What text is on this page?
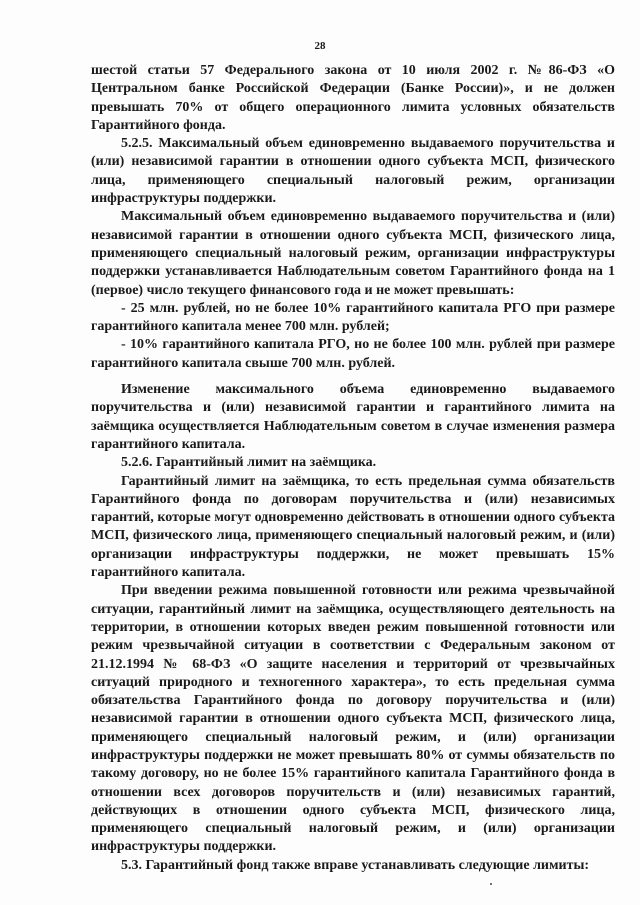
28

шестой статьи 57 Федерального закона от 10 июля 2002 г. №86-ФЗ «О Центральном банке Российской Федерации (Банке России)», и не должен превышать 70% от общего операционного лимита условных обязательств Гарантийного фонда.

5.2.5. Максимальный объем единовременно выдаваемого поручительства и (или) независимой гарантии в отношении одного субъекта МСП, физического лица, применяющего специальный налоговый режим, организации инфраструктуры поддержки.

Максимальный объем единовременно выдаваемого поручительства и (или) независимой гарантии в отношении одного субъекта МСП, физического лица, применяющего специальный налоговый режим, организации инфраструктуры поддержки устанавливается Наблюдательным советом Гарантийного фонда на 1 (первое) число текущего финансового года и не может превышать:

- 25 млн. рублей, но не более 10% гарантийного капитала РГО при размере гарантийного капитала менее 700 млн. рублей;

- 10% гарантийного капитала РГО, но не более 100 млн. рублей при размере гарантийного капитала свыше 700 млн. рублей.

Изменение максимального объема единовременно выдаваемого поручительства и (или) независимой гарантии и гарантийного лимита на заёмщика осуществляется Наблюдательным советом в случае изменения размера гарантийного капитала.

5.2.6. Гарантийный лимит на заёмщика.

Гарантийный лимит на заёмщика, то есть предельная сумма обязательств Гарантийного фонда по договорам поручительства и (или) независимых гарантий, которые могут одновременно действовать в отношении одного субъекта МСП, физического лица, применяющего специальный налоговый режим, и (или) организации инфраструктуры поддержки, не может превышать 15% гарантийного капитала.

При введении режима повышенной готовности или режима чрезвычайной ситуации, гарантийный лимит на заёмщика, осуществляющего деятельность на территории, в отношении которых введен режим повышенной готовности или режим чрезвычайной ситуации в соответствии с Федеральным законом от 21.12.1994 № 68-ФЗ «О защите населения и территорий от чрезвычайных ситуаций природного и техногенного характера», то есть предельная сумма обязательства Гарантийного фонда по договору поручительства и (или) независимой гарантии в отношении одного субъекта МСП, физического лица, применяющего специальный налоговый режим, и (или) организации инфраструктуры поддержки не может превышать 80% от суммы обязательств по такому договору, но не более 15% гарантийного капитала Гарантийного фонда в отношении всех договоров поручительств и (или) независимых гарантий, действующих в отношении одного субъекта МСП, физического лица, применяющего специальный налоговый режим, и (или) организации инфраструктуры поддержки.

5.3. Гарантийный фонд также вправе устанавливать следующие лимиты:
